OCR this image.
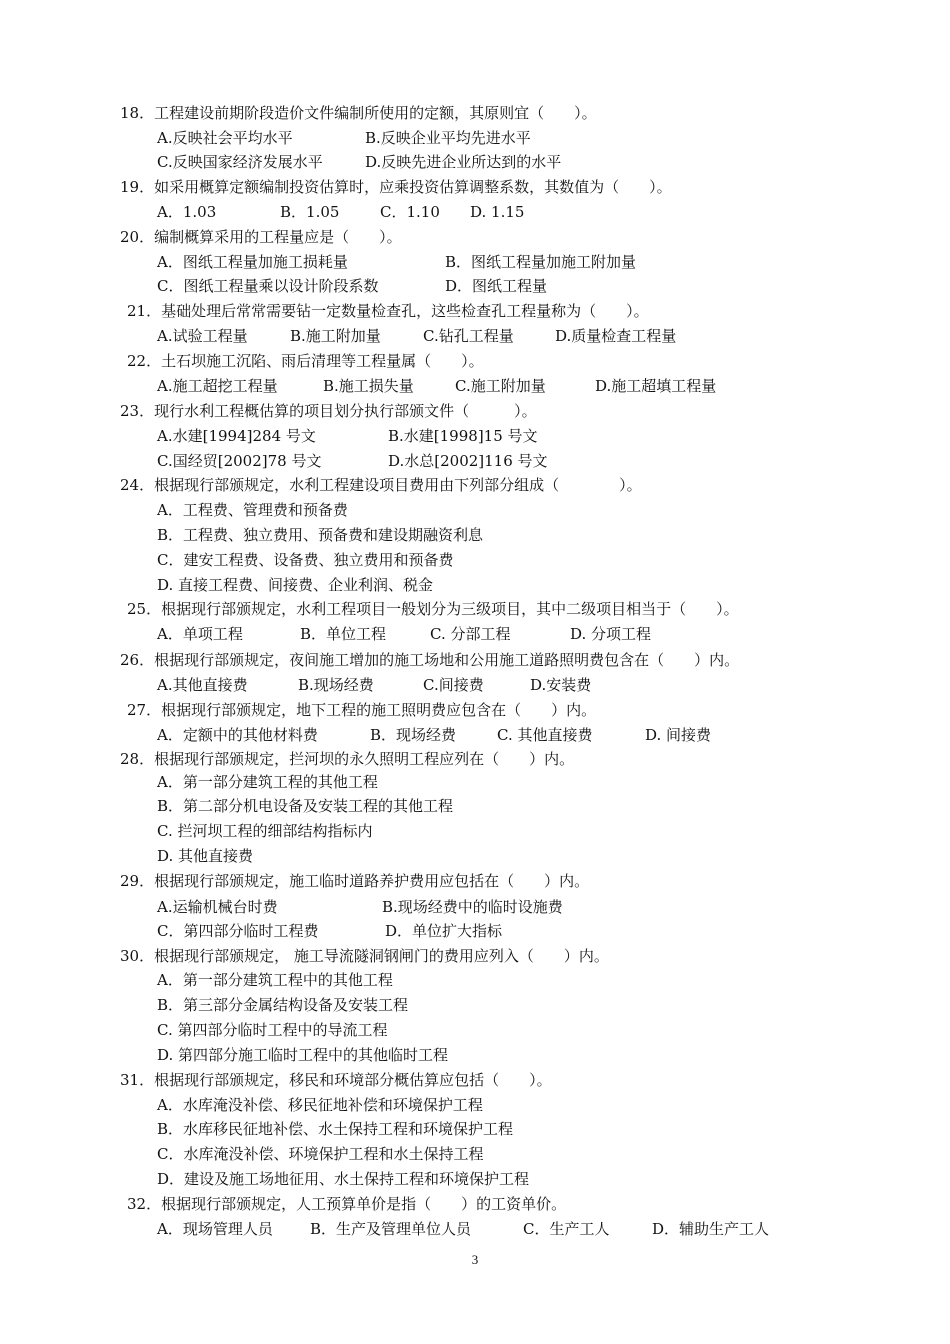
18．工程建设前期阶段造价文件编制所使用的定额，其原则宜（　　）。
A.反映社会平均水平	B.反映企业平均先进水平
C.反映国家经济发展水平	D.反映先进企业所达到的水平
19．如采用概算定额编制投资估算时，应乘投资估算调整系数，其数值为（　　）。
A．1.03	B．1.05	C．1.10 D. 1.15
20．编制概算采用的工程量应是（　　）。
A．图纸工程量加施工损耗量	B．图纸工程量加施工附加量
C．图纸工程量乘以设计阶段系数	D．图纸工程量
21．基础处理后常常需要钻一定数量检查孔，这些检查孔工程量称为（　　）。
A.试验工程量	B.施工附加量	C.钻孔工程量	D.质量检查工程量
22．土石坝施工沉陷、雨后清理等工程量属（　　）。
A.施工超挖工程量	B.施工损失量	C.施工附加量	D.施工超填工程量
23．现行水利工程概估算的项目划分执行部颁文件（　　　）。
A.水建[1994]284 号文	B.水建[1998]15 号文
C.国经贸[2002]78 号文	D.水总[2002]116 号文
24．根据现行部颁规定，水利工程建设项目费用由下列部分组成（　　　　）。
A．工程费、管理费和预备费
B．工程费、独立费用、预备费和建设期融资利息
C．建安工程费、设备费、独立费用和预备费
D. 直接工程费、间接费、企业利润、税金
25．根据现行部颁规定，水利工程项目一般划分为三级项目，其中二级项目相当于（　　）。
A．单项工程	B．单位工程	C. 分部工程	D. 分项工程
26．根据现行部颁规定，夜间施工增加的施工场地和公用施工道路照明费包含在（　　）内。
A.其他直接费	B.现场经费	C.间接费	D.安装费
27．根据现行部颁规定，地下工程的施工照明费应包含在（　　）内。
A．定额中的其他材料费	B．现场经费	C. 其他直接费	D. 间接费
28．根据现行部颁规定，拦河坝的永久照明工程应列在（　　）内。
A．第一部分建筑工程的其他工程
B．第二部分机电设备及安装工程的其他工程
C. 拦河坝工程的细部结构指标内
D. 其他直接费
29．根据现行部颁规定，施工临时道路养护费用应包括在（　　）内。
A.运输机械台时费	B.现场经费中的临时设施费
C．第四部分临时工程费	D．单位扩大指标
30．根据现行部颁规定， 施工导流隧洞钢闸门的费用应列入（　　）内。
A．第一部分建筑工程中的其他工程
B．第三部分金属结构设备及安装工程
C. 第四部分临时工程中的导流工程
D. 第四部分施工临时工程中的其他临时工程
31．根据现行部颁规定，移民和环境部分概估算应包括（　　）。
A．水库淹没补偿、移民征地补偿和环境保护工程
B．水库移民征地补偿、水土保持工程和环境保护工程
C．水库淹没补偿、环境保护工程和水土保持工程
D．建设及施工场地征用、水土保持工程和环境保护工程
32．根据现行部颁规定，人工预算单价是指（　　）的工资单价。
A．现场管理人员 B．生产及管理单位人员	C．生产工人	D．辅助生产工人
3
